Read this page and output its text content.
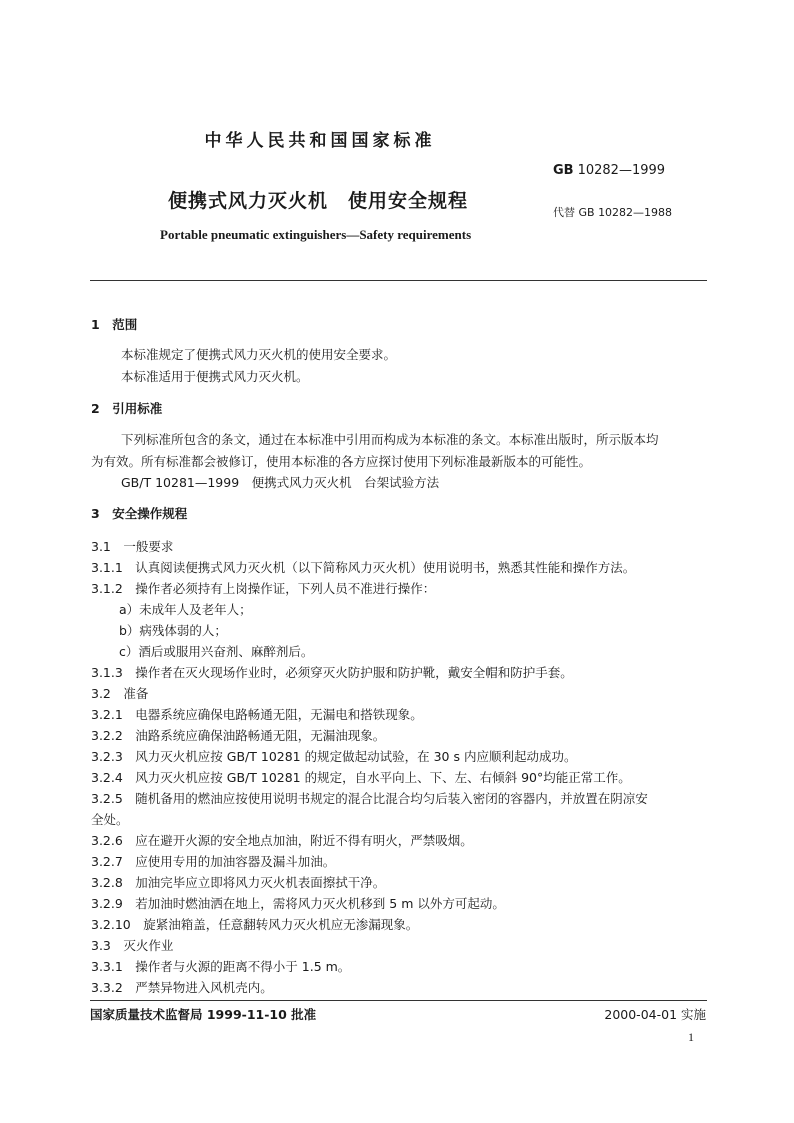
中华人民共和国国家标准
GB 10282—1999
便携式风力灭火机　使用安全规程
代替 GB 10282—1988
Portable pneumatic extinguishers—Safety requirements
1　范围
本标准规定了便携式风力灭火机的使用安全要求。
本标准适用于便携式风力灭火机。
2　引用标准
下列标准所包含的条文，通过在本标准中引用而构成为本标准的条文。本标准出版时，所示版本均
为有效。所有标准都会被修订，使用本标准的各方应探讨使用下列标准最新版本的可能性。
GB/T 10281—1999　便携式风力灭火机　台架试验方法
3　安全操作规程
3.1　一般要求
3.1.1　认真阅读便携式风力灭火机（以下简称风力灭火机）使用说明书，熟悉其性能和操作方法。
3.1.2　操作者必须持有上岗操作证，下列人员不准进行操作：
a）未成年人及老年人；
b）病残体弱的人；
c）酒后或服用兴奋剂、麻醉剂后。
3.1.3　操作者在灭火现场作业时，必须穿灭火防护服和防护靴，戴安全帽和防护手套。
3.2　准备
3.2.1　电器系统应确保电路畅通无阻，无漏电和搭铁现象。
3.2.2　油路系统应确保油路畅通无阻，无漏油现象。
3.2.3　风力灭火机应按 GB/T 10281 的规定做起动试验，在 30 s 内应顺利起动成功。
3.2.4　风力灭火机应按 GB/T 10281 的规定，自水平向上、下、左、右倾斜 90°均能正常工作。
3.2.5　随机备用的燃油应按使用说明书规定的混合比混合均匀后装入密闭的容器内，并放置在阴凉安
全处。
3.2.6　应在避开火源的安全地点加油，附近不得有明火，严禁吸烟。
3.2.7　应使用专用的加油容器及漏斗加油。
3.2.8　加油完毕应立即将风力灭火机表面擦拭干净。
3.2.9　若加油时燃油洒在地上，需将风力灭火机移到 5 m 以外方可起动。
3.2.10　旋紧油箱盖，任意翻转风力灭火机应无渗漏现象。
3.3　灭火作业
3.3.1　操作者与火源的距离不得小于 1.5 m。
3.3.2　严禁异物进入风机壳内。
国家质量技术监督局 1999-11-10 批准	2000-04-01 实施
1
